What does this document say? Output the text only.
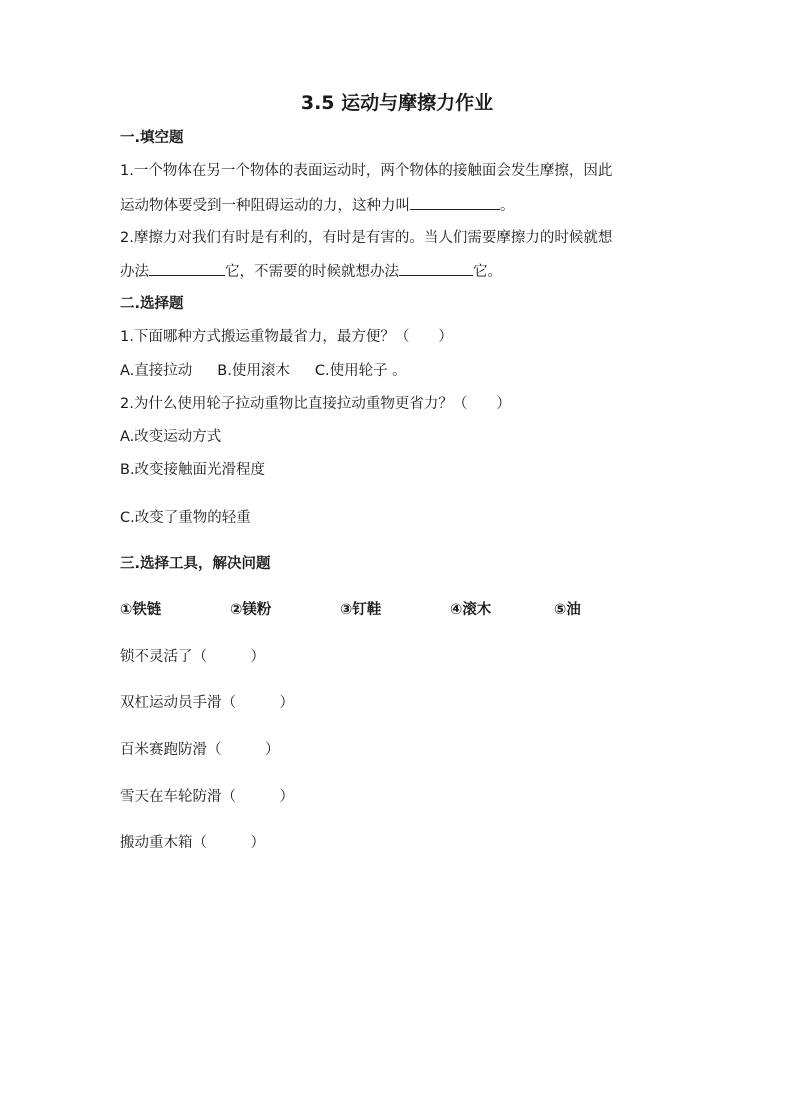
3.5 运动与摩擦力作业
一.填空题
1.一个物体在另一个物体的表面运动时，两个物体的接触面会发生摩擦，因此
运动物体要受到一种阻碍运动的力，这种力叫	。
2.摩擦力对我们有时是有利的，有时是有害的。当人们需要摩擦力的时候就想
办法	它，不需要的时候就想办法	它。
二.选择题
1.下面哪种方式搬运重物最省力，最方便？（　　）
A.直接拉动 B.使用滚木 C.使用轮子 。
2.为什么使用轮子拉动重物比直接拉动重物更省力？（　　）
A.改变运动方式
B.改变接触面光滑程度
C.改变了重物的轻重
三.选择工具，解决问题
①铁链	②镁粉	③钉鞋	④滚木	⑤油
锁不灵活了（　　　）
双杠运动员手滑（　　　）
百米赛跑防滑（　　　）
雪天在车轮防滑（　　　）
搬动重木箱（　　　）
